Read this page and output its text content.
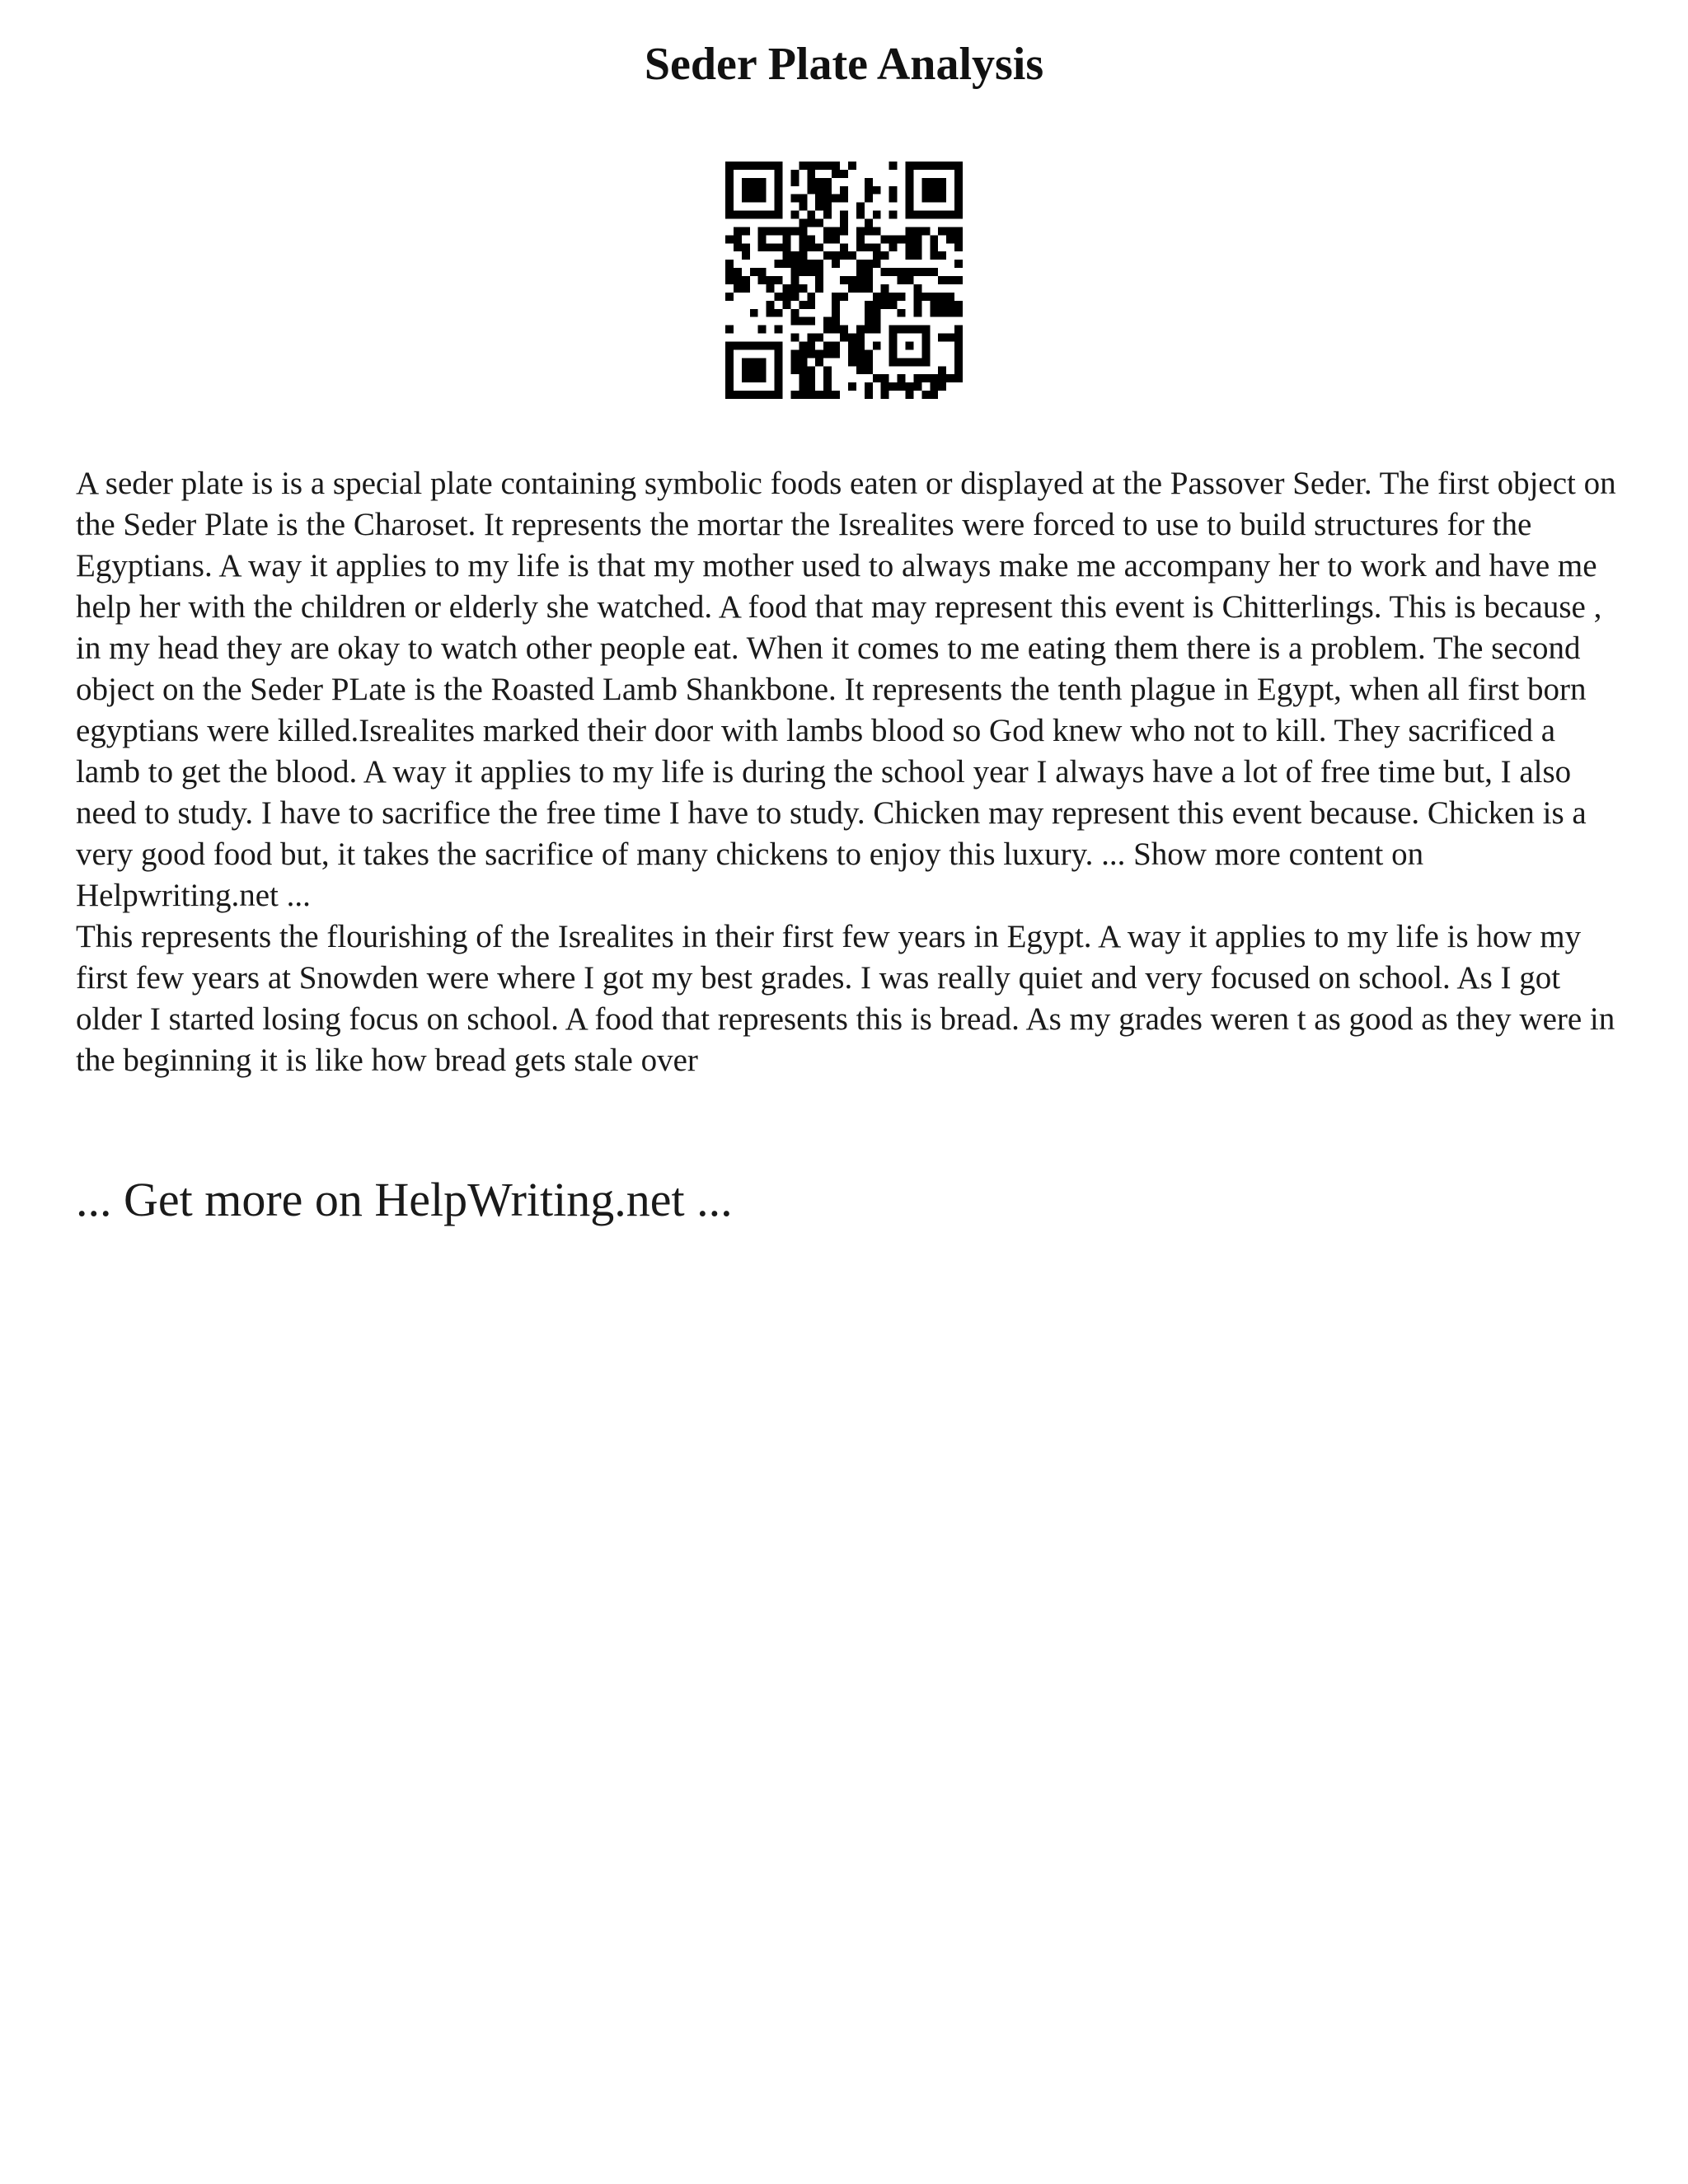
Seder Plate Analysis

A seder plate is is a special plate containing symbolic foods eaten or displayed at the Passover Seder. The first object on the Seder Plate is the Charoset. It represents the mortar the Isrealites were forced to use to build structures for the Egyptians. A way it applies to my life is that my mother used to always make me accompany her to work and have me help her with the children or elderly she watched. A food that may represent this event is Chitterlings. This is because , in my head they are okay to watch other people eat. When it comes to me eating them there is a problem. The second object on the Seder PLate is the Roasted Lamb Shankbone. It represents the tenth plague in Egypt, when all first born egyptians were killed.Isrealites marked their door with lambs blood so God knew who not to kill. They sacrificed a lamb to get the blood. A way it applies to my life is during the school year I always have a lot of free time but, I also need to study. I have to sacrifice the free time I have to study. Chicken may represent this event because. Chicken is a very good food but, it takes the sacrifice of many chickens to enjoy this luxury. ... Show more content on Helpwriting.net ...

This represents the flourishing of the Isrealites in their first few years in Egypt. A way it applies to my life is how my first few years at Snowden were where I got my best grades. I was really quiet and very focused on school. As I got older I started losing focus on school. A food that represents this is bread. As my grades weren t as good as they were in the beginning it is like how bread gets stale over

... Get more on HelpWriting.net ...
